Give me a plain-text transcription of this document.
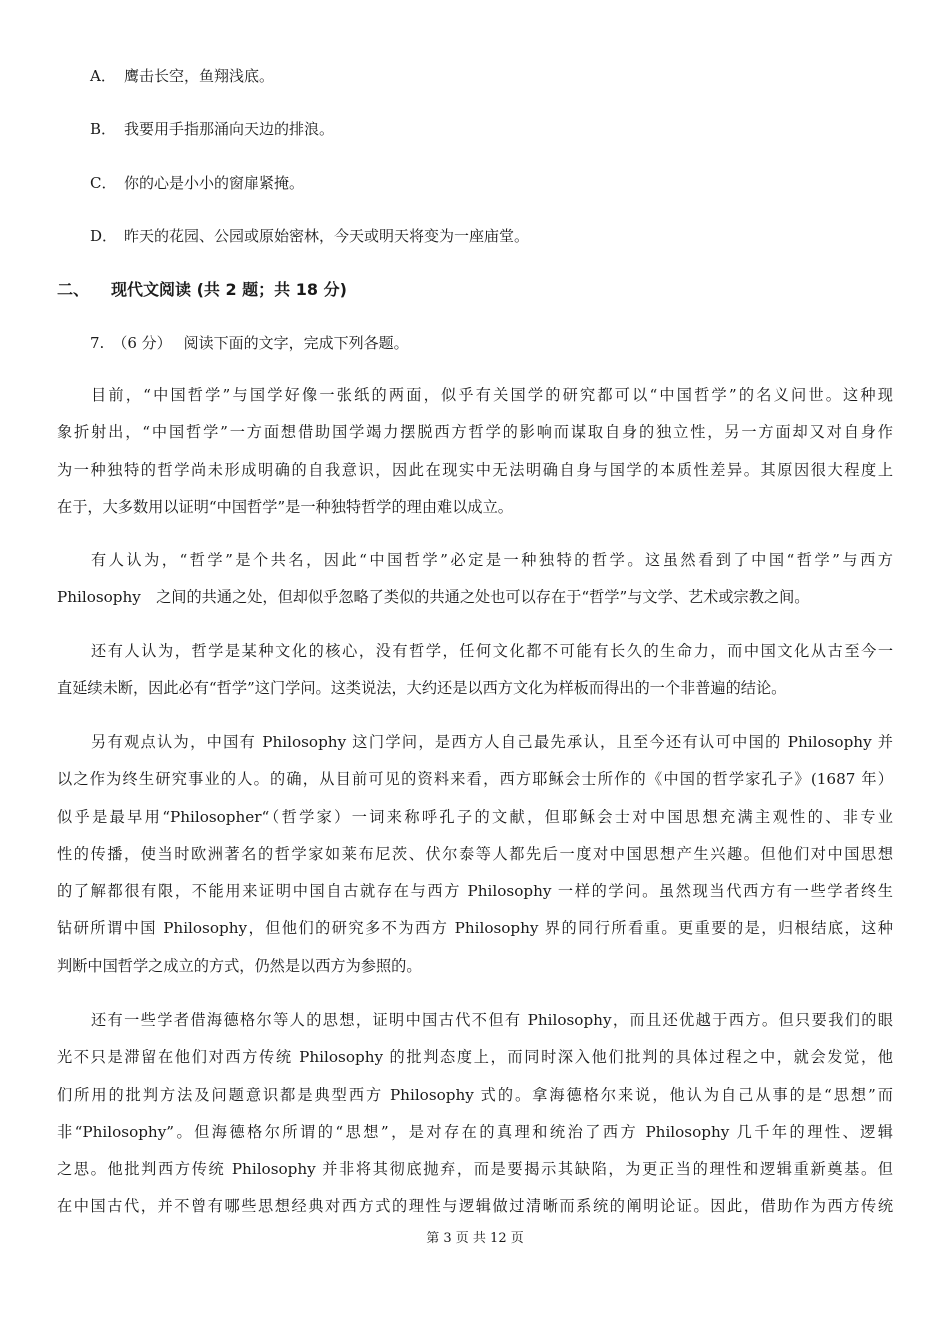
A． 鹰击长空，鱼翔浅底。
B． 我要用手指那涌向天边的排浪。
C． 你的心是小小的窗扉紧掩。
D． 昨天的花园、公园或原始密林，今天或明天将变为一座庙堂。
二、 现代文阅读 (共 2 题；共 18 分)
7. （6 分） 阅读下面的文字，完成下列各题。
目前，“中国哲学”与国学好像一张纸的两面，似乎有关国学的研究都可以“中国哲学”的名义问世。这种现
象折射出，“中国哲学”一方面想借助国学竭力摆脱西方哲学的影响而谋取自身的独立性，另一方面却又对自身作
为一种独特的哲学尚未形成明确的自我意识，因此在现实中无法明确自身与国学的本质性差异。其原因很大程度上
在于，大多数用以证明“中国哲学”是一种独特哲学的理由难以成立。
有人认为，“哲学”是个共名，因此“中国哲学”必定是一种独特的哲学。这虽然看到了中国“哲学”与西方
Philosophy　之间的共通之处，但却似乎忽略了类似的共通之处也可以存在于“哲学”与文学、艺术或宗教之间。
还有人认为，哲学是某种文化的核心，没有哲学，任何文化都不可能有长久的生命力，而中国文化从古至今一
直延续未断，因此必有“哲学”这门学问。这类说法，大约还是以西方文化为样板而得出的一个非普遍的结论。
另有观点认为，中国有 Philosophy 这门学问，是西方人自己最先承认，且至今还有认可中国的 Philosophy 并
以之作为终生研究事业的人。的确，从目前可见的资料来看，西方耶稣会士所作的《中国的哲学家孔子》(1687 年）
似乎是最早用“Philosopher“（哲学家）一词来称呼孔子的文献，但耶稣会士对中国思想充满主观性的、非专业
性的传播，使当时欧洲著名的哲学家如莱布尼茨、伏尔泰等人都先后一度对中国思想产生兴趣。但他们对中国思想
的了解都很有限，不能用来证明中国自古就存在与西方 Philosophy 一样的学问。虽然现当代西方有一些学者终生
钻研所谓中国 Philosophy，但他们的研究多不为西方 Philosophy 界的同行所看重。更重要的是，归根结底，这种
判断中国哲学之成立的方式，仍然是以西方为参照的。
还有一些学者借海德格尔等人的思想，证明中国古代不但有 Philosophy，而且还优越于西方。但只要我们的眼
光不只是滞留在他们对西方传统 Philosophy 的批判态度上，而同时深入他们批判的具体过程之中，就会发觉，他
们所用的批判方法及问题意识都是典型西方 Philosophy 式的。拿海德格尔来说，他认为自己从事的是“思想”而
非“Philosophy”。但海德格尔所谓的“思想”，是对存在的真理和统治了西方 Philosophy 几千年的理性、逻辑
之思。他批判西方传统 Philosophy 并非将其彻底抛弃，而是要揭示其缺陷，为更正当的理性和逻辑重新奠基。但
在中国古代，并不曾有哪些思想经典对西方式的理性与逻辑做过清晰而系统的阐明论证。因此，借助作为西方传统
第 3 页 共 12 页
